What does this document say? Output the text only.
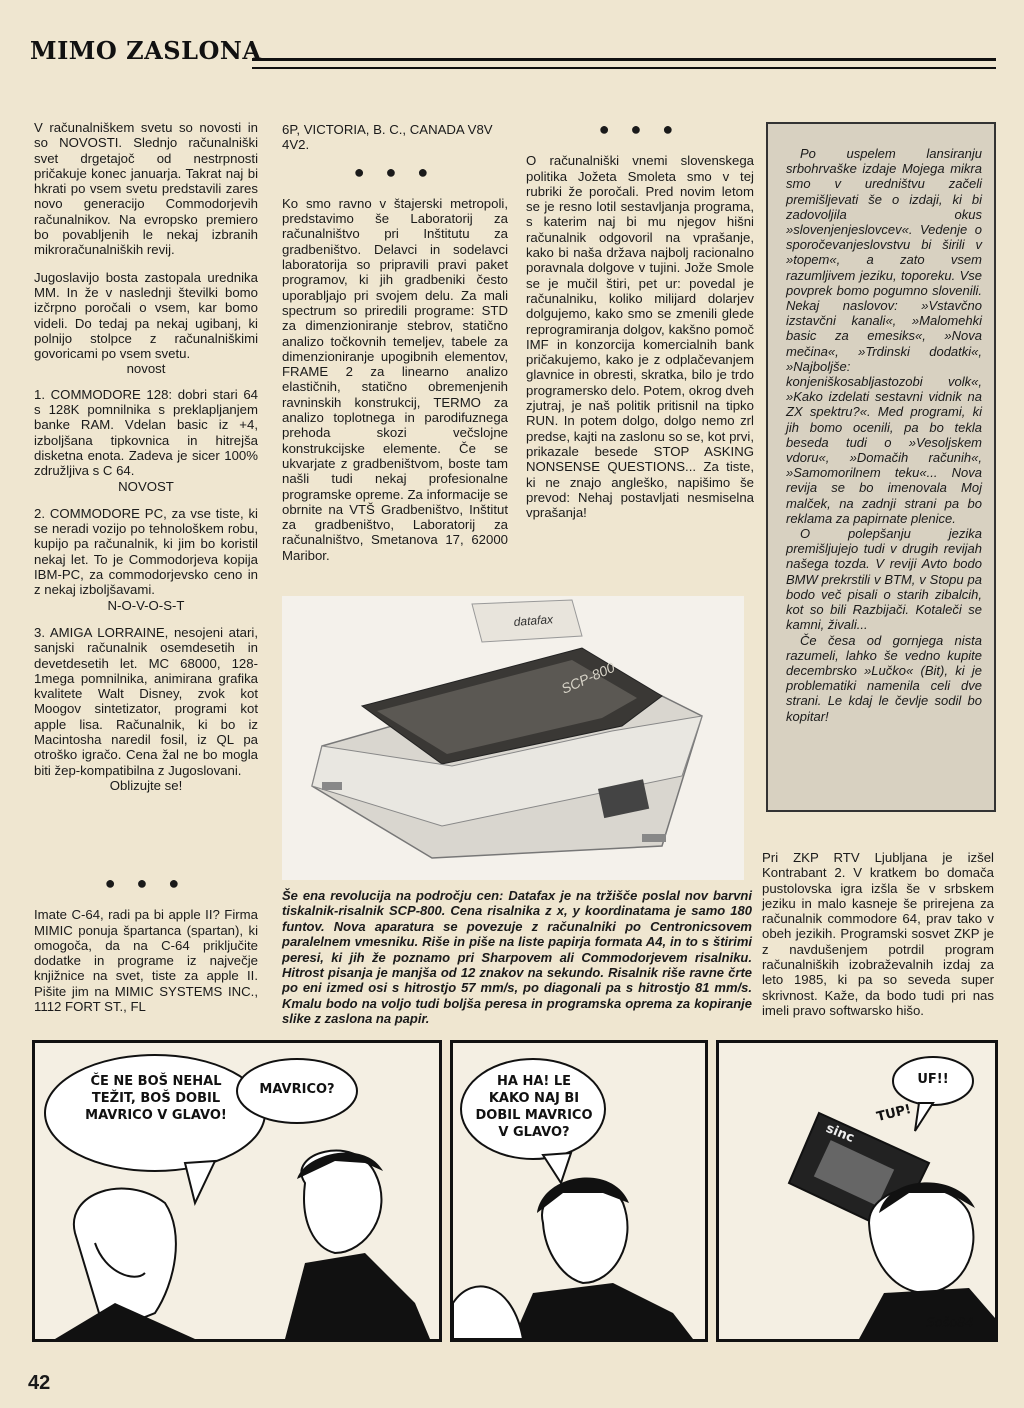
MIMO ZASLONA

V računalniškem svetu so novosti in so NOVOSTI. Slednjo računalniški svet drgetajoč od nestrpnosti pričakuje konec januarja. Takrat naj bi hkrati po vsem svetu predstavili zares novo generacijo Commodorjevih računalnikov. Na evropsko premiero bo povabljenih le nekaj izbranih mikroračunalniških revij.

Jugoslavijo bosta zastopala urednika MM. In že v naslednji številki bomo izčrpno poročali o vsem, kar bomo videli. Do tedaj pa nekaj ugibanj, ki polnijo stolpce z računalniškimi govoricami po vsem svetu.

novost

1. COMMODORE 128: dobri stari 64 s 128K pomnilnika s preklapljanjem banke RAM. Vdelan basic iz +4, izboljšana tipkovnica in hitrejša disketna enota. Zadeva je sicer 100% združljiva s C 64.

NOVOST

2. COMMODORE PC, za vse tiste, ki se neradi vozijo po tehnološkem robu, kupijo pa računalnik, ki jim bo koristil nekaj let. To je Commodorjeva kopija IBM-PC, za commodorjevsko ceno in z nekaj izboljšavami.

N-O-V-O-S-T

3. AMIGA LORRAINE, nesojeni atari, sanjski računalnik osemdesetih in devetdesetih let. MC 68000, 128-1mega pomnilnika, animirana grafika kvalitete Walt Disney, zvok kot Moogov sintetizator, programi kot apple lisa. Računalnik, ki bo iz Macintosha naredil fosil, iz QL pa otroško igračo. Cena žal ne bo mogla biti žep-kompatibilna z Jugoslovani.

Oblizujte se!
● ● ●

Imate C-64, radi pa bi apple II? Firma MIMIC ponuja špartanca (spartan), ki omogoča, da na C-64 priključite dodatke in programe iz največje knjižnice na svet, tiste za apple II. Pišite jim na MIMIC SYSTEMS INC., 1112 FORT ST., FL

6P, VICTORIA, B. C., CANADA V8V 4V2.

● ● ●

Ko smo ravno v štajerski metropoli, predstavimo še Laboratorij za računalništvo pri Inštitutu za gradbeništvo. Delavci in sodelavci laboratorija so pripravili pravi paket programov, ki jih gradbeniki često uporabljajo pri svojem delu. Za mali spectrum so priredili programe: STD za dimenzioniranje stebrov, statično analizo točkovnih temeljev, tabele za dimenzioniranje upogibnih elementov, FRAME 2 za linearno analizo elastičnih, statično obremenjenih ravninskih konstrukcij, TERMO za analizo toplotnega in parodifuznega prehoda skozi večslojne konstrukcijske elemente. Če se ukvarjate z gradbeništvom, boste tam našli tudi nekaj profesionalne programske opreme. Za informacije se obrnite na VTŠ Gradbeništvo, Inštitut za gradbeništvo, Laboratorij za računalništvo, Smetanova 17, 62000 Maribor.

● ● ●

O računalniški vnemi slovenskega politika Jožeta Smoleta smo v tej rubriki že poročali. Pred novim letom se je resno lotil sestavljanja programa, s katerim naj bi mu njegov hišni računalnik odgovoril na vprašanje, kako bi naša država najbolj racionalno poravnala dolgove v tujini. Jože Smole se je mučil štiri, pet ur: povedal je računalniku, koliko milijard dolarjev dolgujemo, kako smo se zmenili glede reprogramiranja dolgov, kakšno pomoč IMF in konzorcija komercialnih bank pričakujemo, kako je z odplačevanjem glavnice in obresti, skratka, bilo je trdo programersko delo. Potem, okrog dveh zjutraj, je naš politik pritisnil na tipko RUN. In potem dolgo, dolgo nemo zrl predse, kajti na zaslonu so se, kot prvi, prikazale besede STOP ASKING NONSENSE QUESTIONS... Za tiste, ki ne znajo angleško, napišimo še prevod: Nehaj postavljati nesmiselna vprašanja!

Po uspelem lansiranju srbohrvaške izdaje Mojega mikra smo v uredništvu začeli premišljevati še o izdaji, ki bi zadovoljila okus »slovenjenjeslovcev«. Vedenje o sporočevanjeslovstvu bi širili v »topem«, a zato vsem razumljivem jeziku, toporeku. Vse povprek bomo pogumno slovenili. Nekaj naslovov: »Vstavčno izstavčni kanali«, »Malomehki basic za emesiks«, »Nova mečina«, »Trdinski dodatki«, »Najboljše: konjeniškosabljastozobi volk«, »Kako izdelati sestavni vidnik na ZX spektru?«. Med programi, ki jih bomo ocenili, pa bo tekla beseda tudi o »Vesoljskem vdoru«, »Domačih računih«, »Samomorilnem teku«... Nova revija se bo imenovala Moj malček, na zadnji strani pa bo reklama za papirnate plenice.

O polepšanju jezika premišljujejo tudi v drugih revijah našega tozda. V reviji Avto bodo BMW prekrstili v BTM, v Stopu pa bodo več pisali o starih zibalcih, kot so bili Razbijači. Kotaleči se kamni, živali...

Če česa od gornjega nista razumeli, lahko še vedno kupite decembrsko »Lučko« (Bit), ki je problematiki namenila celi dve strani. Le kdaj le čevlje sodil bo kopitar!

datafax
SCP-800
Še ena revolucija na področju cen: Datafax je na tržišče poslal nov barvni tiskalnik-risalnik SCP-800. Cena risalnika z x, y koordinatama je samo 180 funtov. Nova aparatura se povezuje z računalniki po Centronicsovem paralelnem vmesniku. Riše in piše na liste papirja formata A4, in to s štirimi peresi, ki jih že poznamo pri Sharpovem ali Commodorjevem risalniku. Hitrost pisanja je manjša od 12 znakov na sekundo. Risalnik riše ravne črte po eni izmed osi s hitrostjo 57 mm/s, po diagonali pa s hitrostjo 81 mm/s. Kmalu bodo na voljo tudi boljša peresa in programska oprema za kopiranje slike z zaslona na papir.

Pri ZKP RTV Ljubljana je izšel Kontrabant 2. V kratkem bo domača pustolovska igra izšla še v srbskem jeziku in malo kasneje še prirejena za računalnik commodore 64, prav tako v obeh jezikih. Programski sosvet ZKP je z navdušenjem potrdil program računalniških izobraževalnih izdaj za leto 1985, ki pa so seveda super skrivnost. Kaže, da bodo tudi pri nas imeli pravo softwarsko hišo.

ČE NE BOŠ NEHAL TEŽIT, BOŠ DOBIL MAVRICO V GLAVO!
MAVRICO?
HA HA! LE KAKO NAJ BI DOBIL MAVRICO V GLAVO?
UF!!
TUP!
sinc
Sošo84
42
